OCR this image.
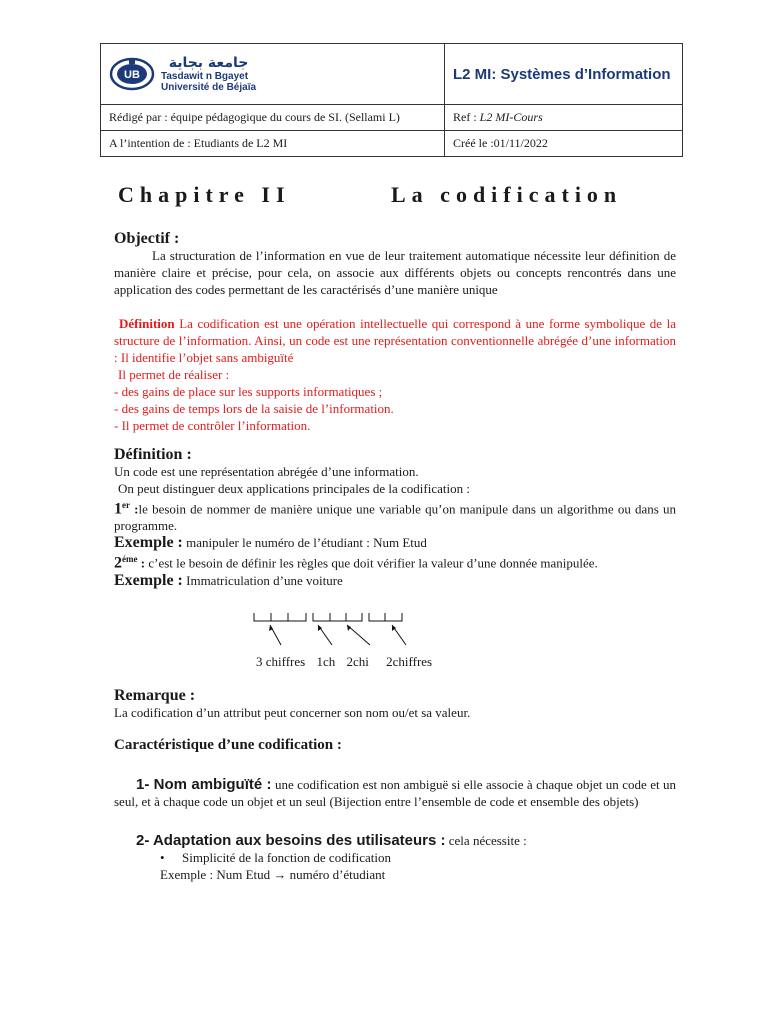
UB
جامعة بجاية
Tasdawit n Bgayet
Université de Béjaïa	L2 MI: Systèmes d’Information
Rédigé par : équipe pédagogique du cours de SI. (Sellami L)	Ref : L2 MI-Cours
A l’intention de : Etudiants de L2 MI	Créé le :01/11/2022
Chapitre II	La codification
Objectif :
La structuration de l’information en vue de leur traitement automatique nécessite leur définition de manière claire et précise, pour cela, on associe aux différents objets ou concepts rencontrés dans une application des codes permettant de les caractérisés d’une manière unique
Définition La codification est une opération intellectuelle qui correspond à une forme symbolique de la structure de l’information. Ainsi, un code est une représentation conventionnelle abrégée d’une information : Il identifie l’objet sans ambiguïté
Il permet de réaliser :
- des gains de place sur les supports informatiques ;
- des gains de temps lors de la saisie de l’information.
- Il permet de contrôler l’information.
Définition :
Un code est une représentation abrégée d’une information.
On peut distinguer deux applications principales de la codification :
1er :le besoin de nommer de manière unique une variable qu’on manipule dans un algorithme ou dans un programme.
Exemple : manipuler le numéro de l’étudiant : Num Etud
$2^{éme}$ : c’est le besoin de définir les règles que doit vérifier la valeur d’une donnée manipulée.
Exemple : Immatriculation d’une voiture
3 chiffres 1ch 2chi 2chiffres
Remarque :
La codification d’un attribut peut concerner son nom ou/et sa valeur.
Caractéristique d’une codification :
1- Nom ambiguïté : une codification est non ambiguë si elle associe à chaque objet un code et un seul, et à chaque code un objet et un seul (Bijection entre l’ensemble de code et ensemble des objets)
2- Adaptation aux besoins des utilisateurs : cela nécessite :
• Simplicité de la fonction de codification
Exemple : Num Etud → numéro d’étudiant
